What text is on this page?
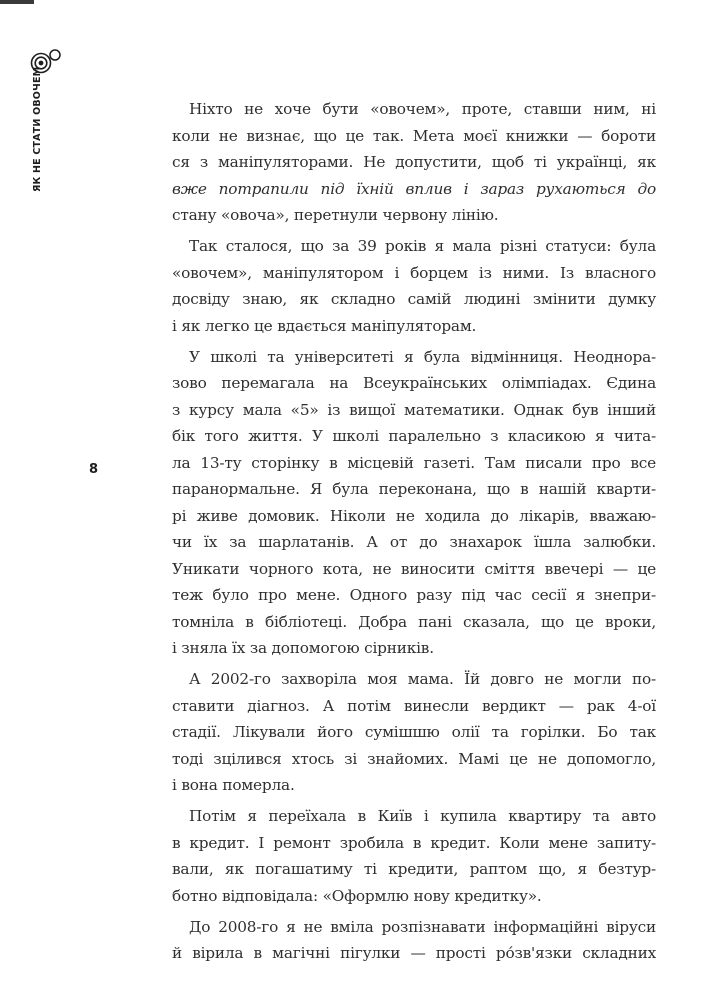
ЯК НЕ СТАТИ ОВОЧЕМ
8

Ніхто не хоче бути «овочем», проте, ставши ним, ні
коли не визнає, що це так. Мета моєї книжки — бороти
ся з маніпуляторами. Не допустити, щоб ті українці, як
вже потрапили під їхній вплив і зараз рухаються до
стану «овоча», перетнули червону лінію.

Так сталося, що за 39 років я мала різні статуси: була
«овочем», маніпулятором і борцем із ними. Із власного
досвіду знаю, як складно самій людині змінити думку
і як легко це вдається маніпуляторам.

У школі та університеті я була відмінниця. Неоднора-
зово перемагала на Всеукраїнських олімпіадах. Єдина
з курсу мала «5» із вищої математики. Однак був інший
бік того життя. У школі паралельно з класикою я чита-
ла 13-ту сторінку в місцевій газеті. Там писали про все
паранормальне. Я була переконана, що в нашій кварти-
рі живе домовик. Ніколи не ходила до лікарів, вважаю-
чи їх за шарлатанів. А от до знахарок їшла залюбки.
Уникати чорного кота, не виносити сміття ввечері — це
теж було про мене. Одного разу під час сесії я знепри-
томніла в бібліотеці. Добра пані сказала, що це вроки,
і зняла їх за допомогою сірників.

А 2002-го захворіла моя мама. Їй довго не могли по-
ставити діагноз. А потім винесли вердикт — рак 4-ої
стадії. Лікували його сумішшю олії та горілки. Бо так
тоді зцілився хтось зі знайомих. Мамі це не допомогло,
і вона померла.

Потім я переїхала в Київ і купила квартиру та авто
в кредит. І ремонт зробила в кредит. Коли мене запиту-
вали, як погашатиму ті кредити, раптом що, я безтур-
ботно відповідала: «Оформлю нову кредитку».

До 2008-го я не вміла розпізнавати інформаційні віруси
й вірила в магічні пігулки — прості ро́зв'язки складних
